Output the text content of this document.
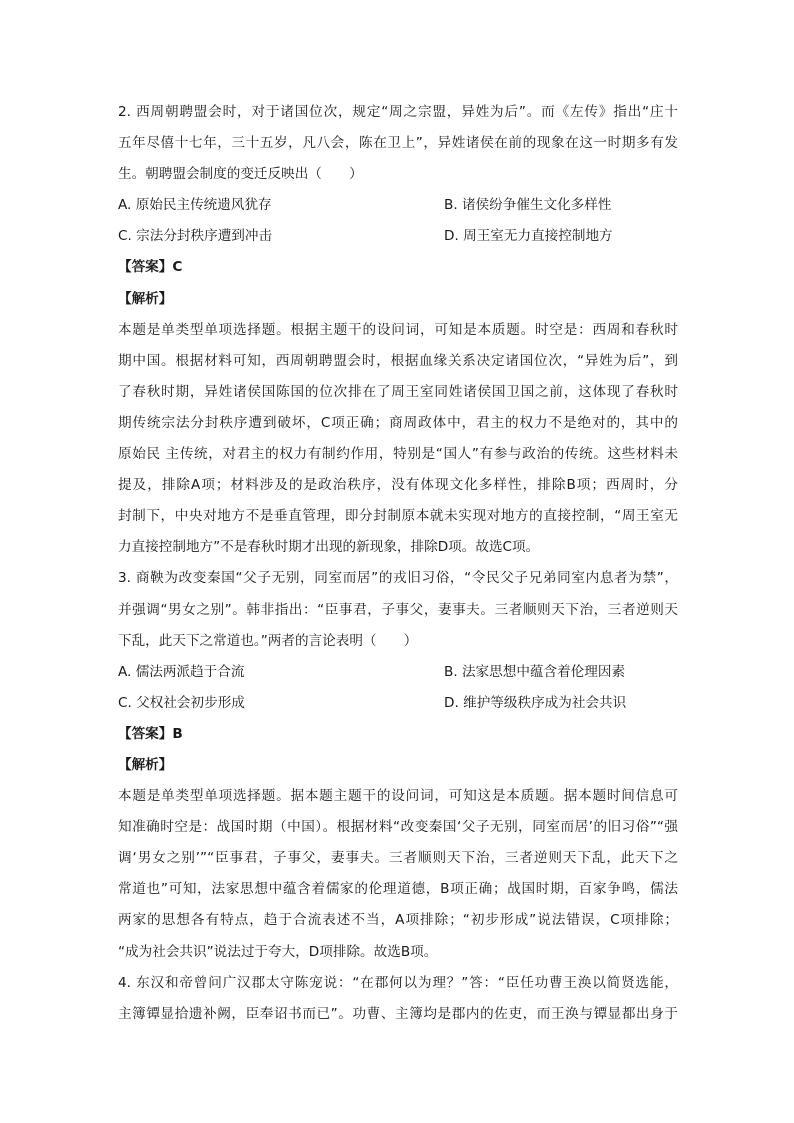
2. 西周朝聘盟会时，对于诸国位次，规定“周之宗盟，异姓为后”。而《左传》指出“庄十
五年尽僖十七年，三十五岁，凡八会，陈在卫上”，异姓诸侯在前的现象在这一时期多有发
生。朝聘盟会制度的变迁反映出（　　）
A. 原始民主传统遗风犹存	B. 诸侯纷争催生文化多样性
C. 宗法分封秩序遭到冲击	D. 周王室无力直接控制地方
【答案】C
【解析】
本题是单类型单项选择题。根据主题干的设问词，可知是本质题。时空是：西周和春秋时
期中国。根据材料可知，西周朝聘盟会时，根据血缘关系决定诸国位次，“异姓为后”，到
了春秋时期，异姓诸侯国陈国的位次排在了周王室同姓诸侯国卫国之前，这体现了春秋时
期传统宗法分封秩序遭到破坏，C项正确；商周政体中，君主的权力不是绝对的，其中的
原始民 主传统，对君主的权力有制约作用，特别是“国人”有参与政治的传统。这些材料未
提及，排除A项；材料涉及的是政治秩序，没有体现文化多样性，排除B项；西周时，分
封制下，中央对地方不是垂直管理，即分封制原本就未实现对地方的直接控制，“周王室无
力直接控制地方”不是春秋时期才出现的新现象，排除D项。故选C项。
3. 商鞅为改变秦国“父子无别，同室而居”的戎旧习俗，“令民父子兄弟同室内息者为禁”，
并强调“男女之别”。韩非指出：“臣事君，子事父，妻事夫。三者顺则天下治，三者逆则天
下乱，此天下之常道也。”两者的言论表明（　　）
A. 儒法两派趋于合流	B. 法家思想中蕴含着伦理因素
C. 父权社会初步形成	D. 维护等级秩序成为社会共识
【答案】B
【解析】
本题是单类型单项选择题。据本题主题干的设问词，可知这是本质题。据本题时间信息可
知准确时空是：战国时期（中国）。根据材料“改变秦国‘父子无别，同室而居’的旧习俗”“强
调‘男女之别’”“臣事君，子事父，妻事夫。三者顺则天下治，三者逆则天下乱，此天下之
常道也”可知，法家思想中蕴含着儒家的伦理道德，B项正确；战国时期，百家争鸣，儒法
两家的思想各有特点，趋于合流表述不当，A项排除；“初步形成”说法错误，C项排除；
“成为社会共识”说法过于夸大，D项排除。故选B项。
4. 东汉和帝曾问广汉郡太守陈宠说：“在郡何以为理？”答：“臣任功曹王涣以简贤选能，
主簿镡显拾遗补阙，臣奉诏书而已”。功曹、主簿均是郡内的佐吏，而王涣与镡显都出身于
